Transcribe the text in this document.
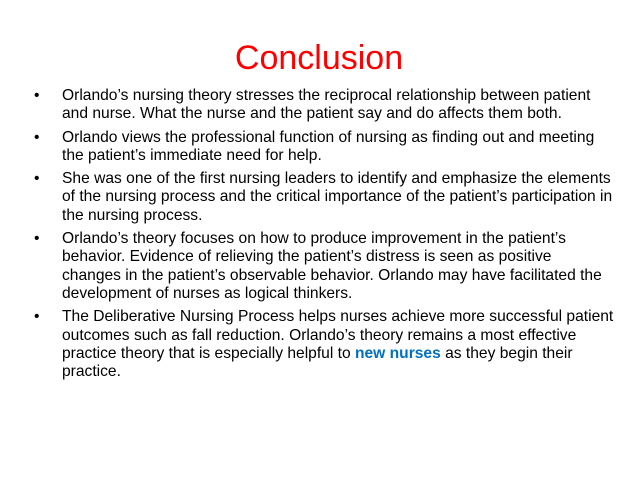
Conclusion
• Orlando’s nursing theory stresses the reciprocal relationship between patient and nurse. What the nurse and the patient say and do affects them both.
• Orlando views the professional function of nursing as finding out and meeting the patient’s immediate need for help.
• She was one of the first nursing leaders to identify and emphasize the elements of the nursing process and the critical importance of the patient’s participation in the nursing process.
• Orlando’s theory focuses on how to produce improvement in the patient’s behavior. Evidence of relieving the patient’s distress is seen as positive changes in the patient’s observable behavior. Orlando may have facilitated the development of nurses as logical thinkers.
• The Deliberative Nursing Process helps nurses achieve more successful patient outcomes such as fall reduction. Orlando’s theory remains a most effective practice theory that is especially helpful to new nurses as they begin their practice.
